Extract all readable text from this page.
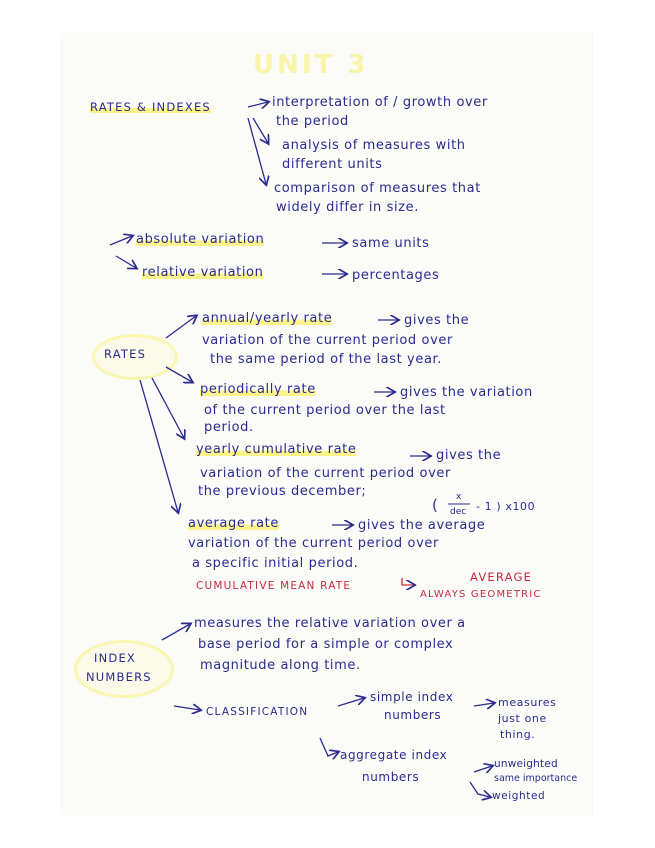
UNIT 3
RATES & INDEXES	interpretation of / growth over
the period
analysis of measures with
different units
comparison of measures that
widely differ in size.
absolute variation	same units
relative variation	percentages
RATES
annual/yearly rate	gives the
variation of the current period over
the same period of the last year.
periodically rate	gives the variation
of the current period over the last
period.
yearly cumulative rate	gives the
variation of the current period over
the previous december;
( x
dec - 1 ) x100
average rate	gives the average
variation of the current period over
a specific initial period.
AVERAGE
CUMULATIVE MEAN RATE
ALWAYS GEOMETRIC
INDEX
NUMBERS
measures the relative variation over a
base period for a simple or complex
magnitude along time.
CLASSIFICATION
simple index
numbers
measures
just one
thing.
aggregate index
numbers
unweighted
same importance
weighted
